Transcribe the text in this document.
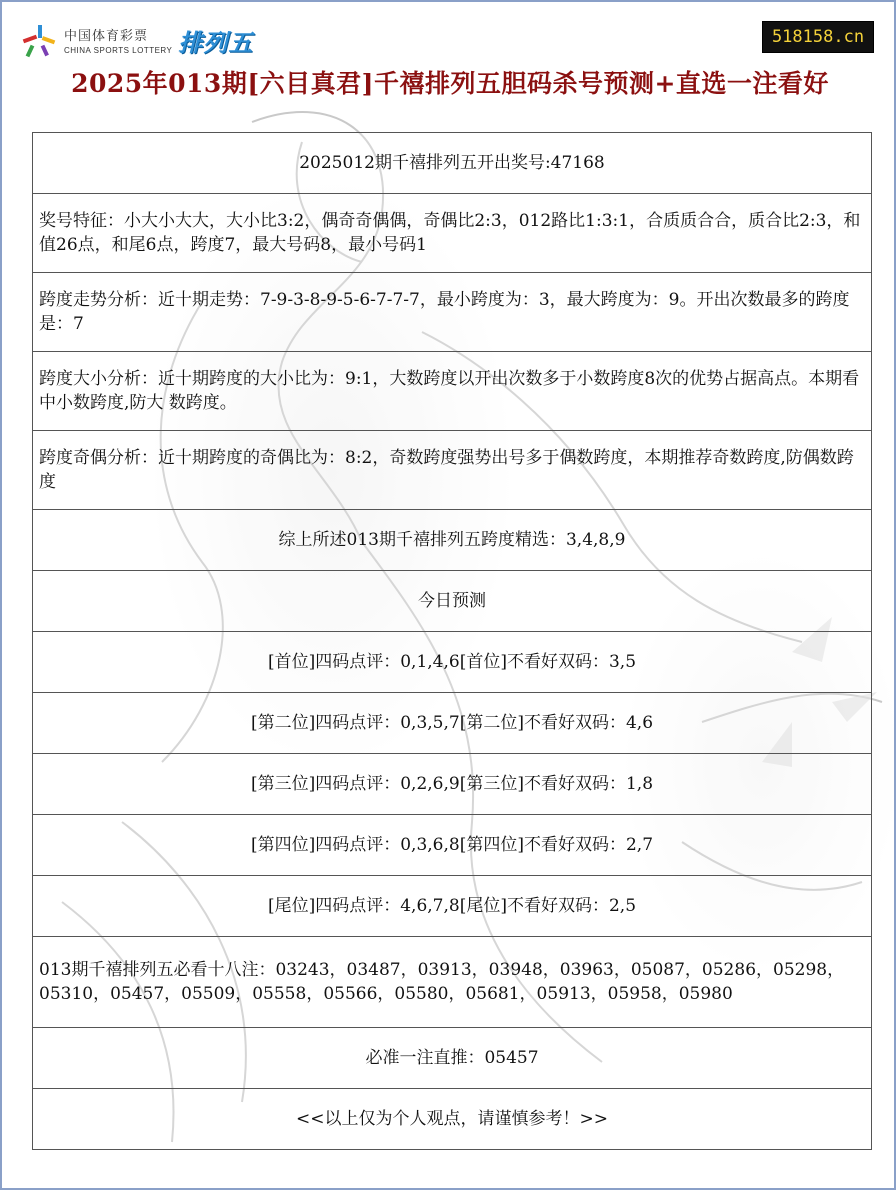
中国体育彩票
CHINA SPORTS LOTTERY 排列五	518158.cn
2025年013期[六目真君]千禧排列五胆码杀号预测+直选一注看好
2025012期千禧排列五开出奖号:47168
奖号特征：小大小大大，大小比3:2，偶奇奇偶偶，奇偶比2:3，012路比1:3:1，合质质合合，质合比2:3，和值26点，和尾6点，跨度7，最大号码8，最小号码1
跨度走势分析：近十期走势：7-9-3-8-9-5-6-7-7-7，最小跨度为：3，最大跨度为：9。开出次数最多的跨度是：7
跨度大小分析：近十期跨度的大小比为：9:1，大数跨度以开出次数多于小数跨度8次的优势占据高点。本期看中小数跨度,防大 数跨度。
跨度奇偶分析：近十期跨度的奇偶比为：8:2，奇数跨度强势出号多于偶数跨度，本期推荐奇数跨度,防偶数跨度
综上所述013期千禧排列五跨度精选：3,4,8,9
今日预测
[首位]四码点评：0,1,4,6[首位]不看好双码：3,5
[第二位]四码点评：0,3,5,7[第二位]不看好双码：4,6
[第三位]四码点评：0,2,6,9[第三位]不看好双码：1,8
[第四位]四码点评：0,3,6,8[第四位]不看好双码：2,7
[尾位]四码点评：4,6,7,8[尾位]不看好双码：2,5
013期千禧排列五必看十八注：03243，03487，03913，03948，03963，05087，05286，05298，05310，05457，05509，05558，05566，05580，05681，05913，05958，05980
必准一注直推：05457
<<以上仅为个人观点，请谨慎参考！>>
